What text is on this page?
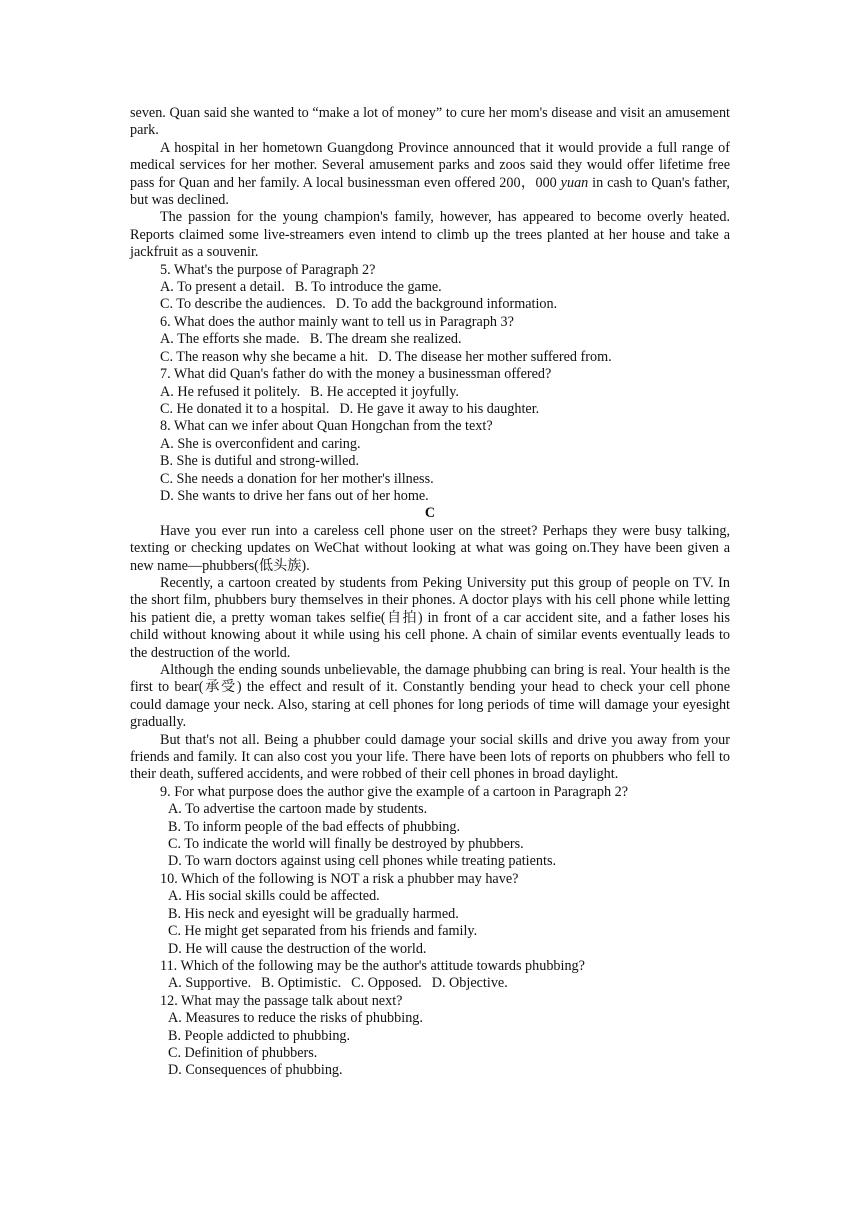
seven. Quan said she wanted to “make a lot of money” to cure her mom's disease and visit an amusement park.

A hospital in her hometown Guangdong Province announced that it would provide a full range of medical services for her mother. Several amusement parks and zoos said they would offer lifetime free pass for Quan and her family. A local businessman even offered 200，000 yuan in cash to Quan's father, but was declined.

The passion for the young champion's family, however, has appeared to become overly heated. Reports claimed some live‑streamers even intend to climb up the trees planted at her house and take a jackfruit as a souvenir.

5. What's the purpose of Paragraph 2?

A. To present a detail. B. To introduce the game.

C. To describe the audiences. D. To add the background information.

6. What does the author mainly want to tell us in Paragraph 3?

A. The efforts she made. B. The dream she realized.

C. The reason why she became a hit. D. The disease her mother suffered from.

7. What did Quan's father do with the money a businessman offered?

A. He refused it politely. B. He accepted it joyfully.

C. He donated it to a hospital. D. He gave it away to his daughter.

8. What can we infer about Quan Hongchan from the text?

A. She is overconfident and caring.

B. She is dutiful and strong‑willed.

C. She needs a donation for her mother's illness.

D. She wants to drive her fans out of her home.

C

Have you ever run into a careless cell phone user on the street? Perhaps they were busy talking, texting or checking updates on WeChat without looking at what was going on.They have been given a new name—phubbers(低头族).

Recently, a cartoon created by students from Peking University put this group of people on TV. In the short film, phubbers bury themselves in their phones. A doctor plays with his cell phone while letting his patient die, a pretty woman takes selfie(自拍) in front of a car accident site, and a father loses his child without knowing about it while using his cell phone. A chain of similar events eventually leads to the destruction of the world.

Although the ending sounds unbelievable, the damage phubbing can bring is real. Your health is the first to bear(承受) the effect and result of it. Constantly bending your head to check your cell phone could damage your neck. Also, staring at cell phones for long periods of time will damage your eyesight gradually.

But that's not all. Being a phubber could damage your social skills and drive you away from your friends and family. It can also cost you your life. There have been lots of reports on phubbers who fell to their death, suffered accidents, and were robbed of their cell phones in broad daylight.

9. For what purpose does the author give the example of a cartoon in Paragraph 2?

A. To advertise the cartoon made by students.

B. To inform people of the bad effects of phubbing.

C. To indicate the world will finally be destroyed by phubbers.

D. To warn doctors against using cell phones while treating patients.

10. Which of the following is NOT a risk a phubber may have?

A. His social skills could be affected.

B. His neck and eyesight will be gradually harmed.

C. He might get separated from his friends and family.

D. He will cause the destruction of the world.

11. Which of the following may be the author's attitude towards phubbing?

A. Supportive. B. Optimistic. C. Opposed. D. Objective.

12. What may the passage talk about next?

A. Measures to reduce the risks of phubbing.

B. People addicted to phubbing.

C. Definition of phubbers.

D. Consequences of phubbing.
